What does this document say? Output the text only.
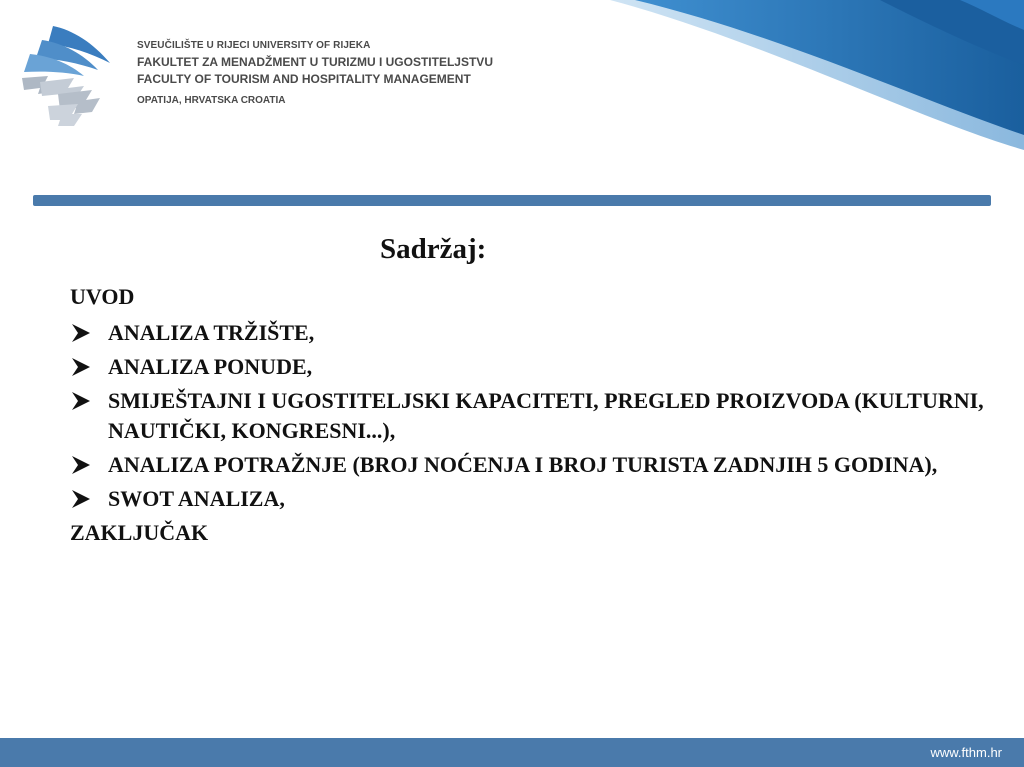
SVEUČILIŠTE U RIJECI UNIVERSITY OF RIJEKA
FAKULTET ZA MENADŽMENT U TURIZMU I UGOSTITELJSTVU
FACULTY OF TOURISM AND HOSPITALITY MANAGEMENT
OPATIJA, HRVATSKA CROATIA
Sadržaj:
UVOD
ANALIZA TRŽIŠTE,
ANALIZA PONUDE,
SMIJEŠTAJNI I UGOSTITELJSKI KAPACITETI, PREGLED PROIZVODA (KULTURNI, NAUTIČKI, KONGRESNI...),
ANALIZA POTRAŽNJE (BROJ NOĆENJA I BROJ TURISTA ZADNJIH 5 GODINA),
SWOT ANALIZA,
ZAKLJUČAK
www.fthm.hr
